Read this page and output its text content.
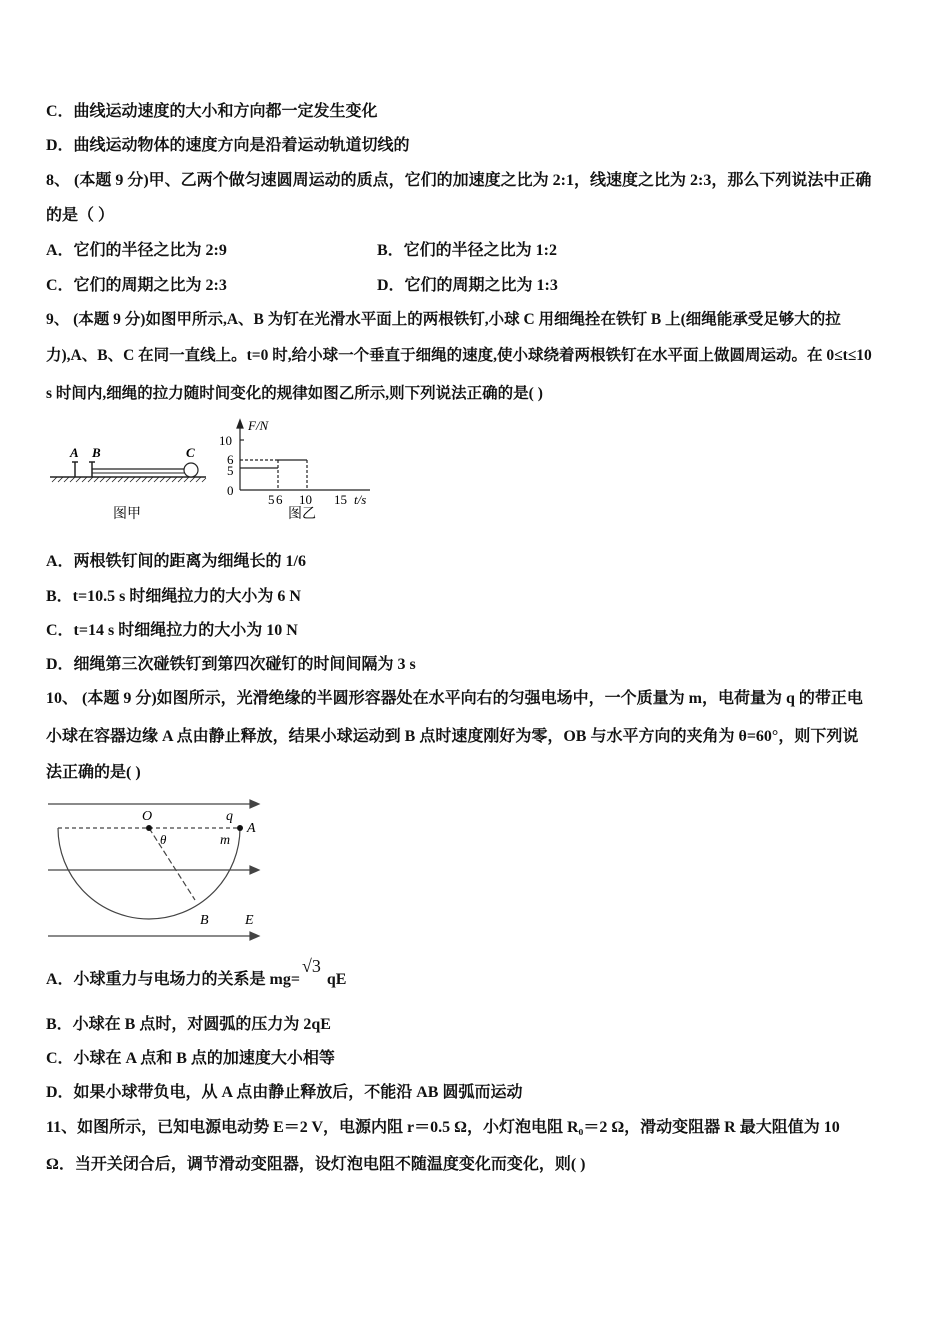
C．曲线运动速度的大小和方向都一定发生变化
D．曲线运动物体的速度方向是沿着运动轨道切线的
8、 (本题 9 分)甲、乙两个做匀速圆周运动的质点，它们的加速度之比为 2:1，线速度之比为 2:3，那么下列说法中正确
的是（ ）
A．它们的半径之比为 2:9	B．它们的半径之比为 1:2
C．它们的周期之比为 2:3	D．它们的周期之比为 1:3
9、 (本题 9 分)如图甲所示,A、B 为钉在光滑水平面上的两根铁钉,小球 C 用细绳拴在铁钉 B 上(细绳能承受足够大的拉
力),A、B、C 在同一直线上。t=0 时,给小球一个垂直于细绳的速度,使小球绕着两根铁钉在水平面上做圆周运动。在 0≤t≤10
s 时间内,细绳的拉力随时间变化的规律如图乙所示,则下列说法正确的是( )
A B	C
图甲
F/N
10
6
5
0
5 6 10 15 t/s
图乙
A．两根铁钉间的距离为细绳长的 1/6
B．t=10.5 s 时细绳拉力的大小为 6 N
C．t=14 s 时细绳拉力的大小为 10 N
D．细绳第三次碰铁钉到第四次碰钉的时间间隔为 3 s
10、 (本题 9 分)如图所示，光滑绝缘的半圆形容器处在水平向右的匀强电场中，一个质量为 m，电荷量为 q 的带正电
小球在容器边缘 A 点由静止释放，结果小球运动到 B 点时速度刚好为零，OB 与水平方向的夹角为 θ=60°，则下列说
法正确的是( )
O	q
A
m
θ
B	E
A．小球重力与电场力的关系是 mg=√3 qE
B．小球在 B 点时，对圆弧的压力为 2qE
C．小球在 A 点和 B 点的加速度大小相等
D．如果小球带负电，从 A 点由静止释放后，不能沿 AB 圆弧而运动
11、如图所示，已知电源电动势 E＝2 V，电源内阻 r＝0.5 Ω，小灯泡电阻 R₀＝2 Ω，滑动变阻器 R 最大阻值为 10
Ω．当开关闭合后，调节滑动变阻器，设灯泡电阻不随温度变化而变化，则( )
